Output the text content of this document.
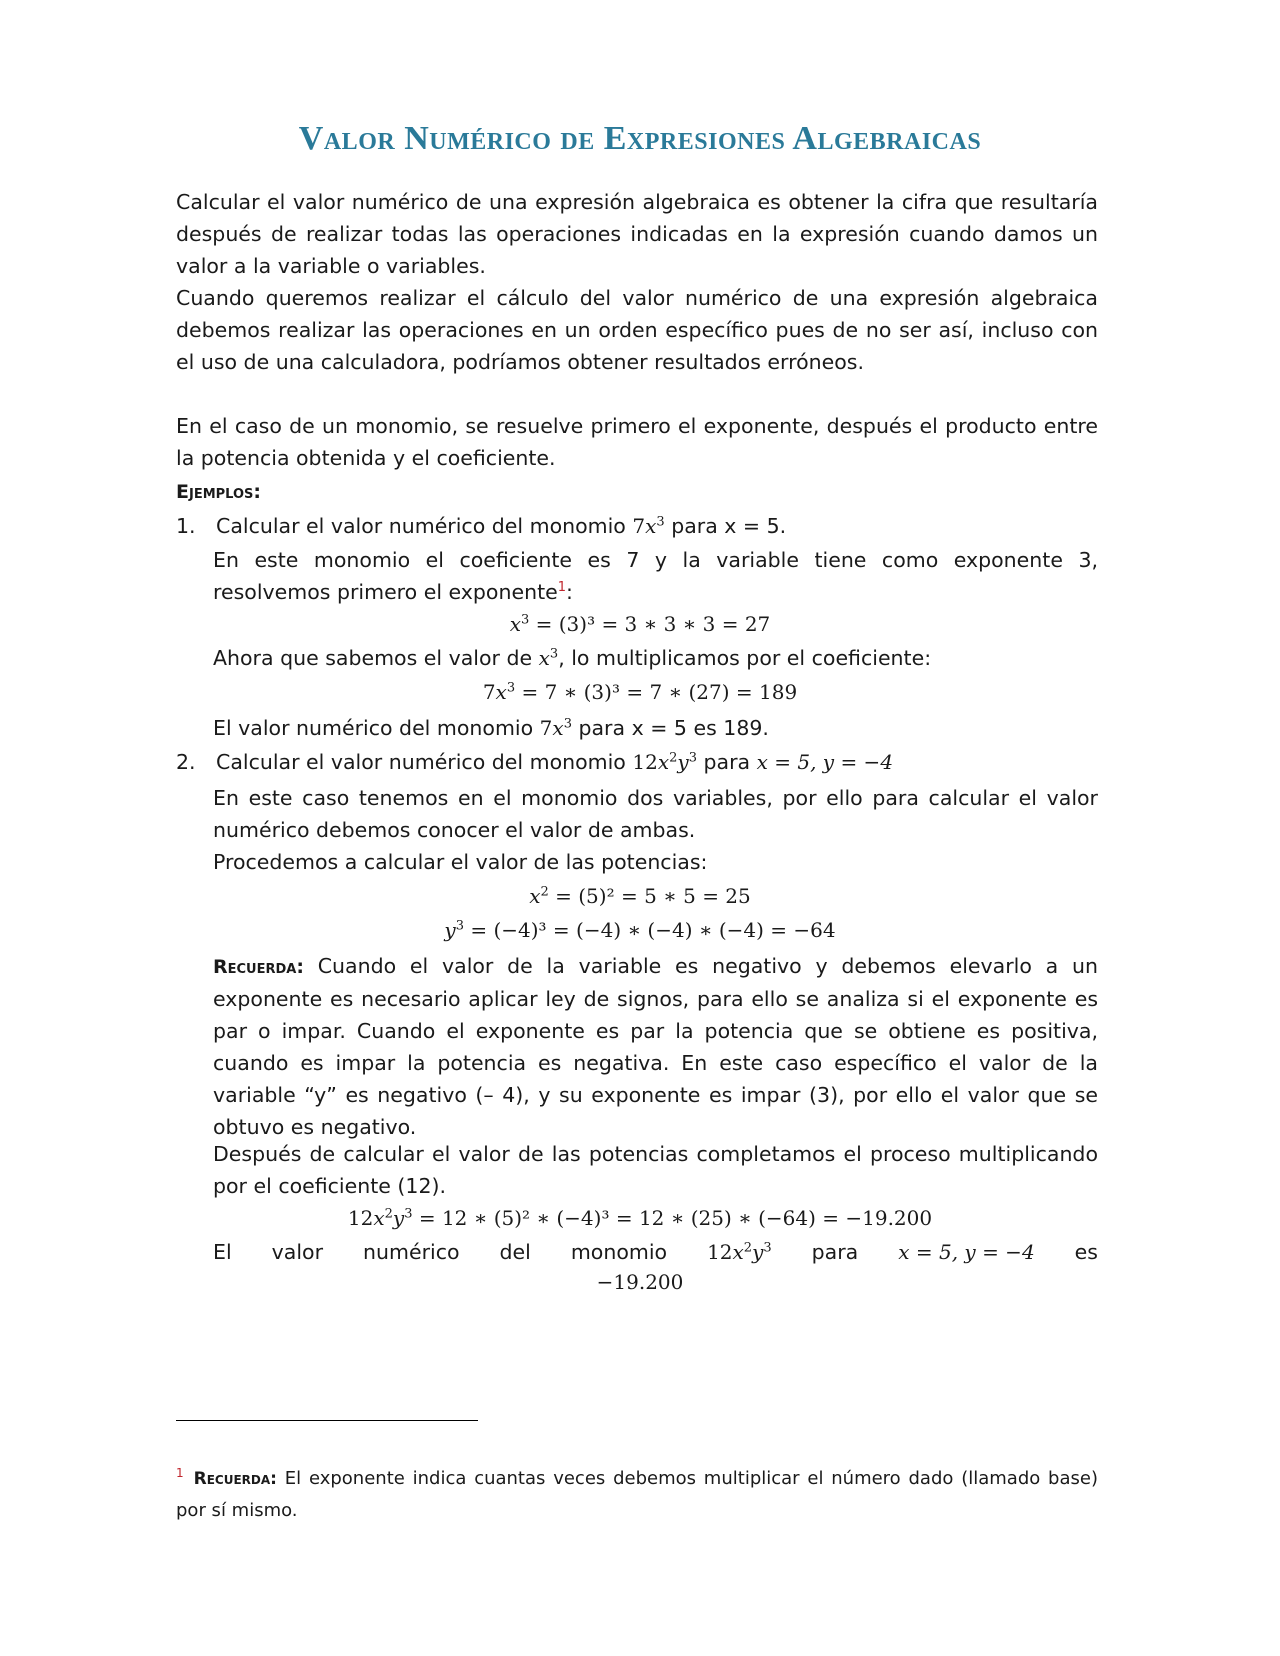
Valor Numérico de Expresiones Algebraicas

Calcular el valor numérico de una expresión algebraica es obtener la cifra que resultaría después de realizar todas las operaciones indicadas en la expresión cuando damos un valor a la variable o variables.

Cuando queremos realizar el cálculo del valor numérico de una expresión algebraica debemos realizar las operaciones en un orden específico pues de no ser así, incluso con el uso de una calculadora, podríamos obtener resultados erróneos.

En el caso de un monomio, se resuelve primero el exponente, después el producto entre la potencia obtenida y el coeficiente.

Ejemplos:
1. Calcular el valor numérico del monomio $7x^3$ para x = 5.

En este monomio el coeficiente es 7 y la variable tiene como exponente 3, resolvemos primero el exponente$^1$:

$x^3 = (3)^3 = 3$ ∗ 3 ∗ 3 = 27
Ahora que sabemos el valor de $x^3$, lo multiplicamos por el coeficiente:
$7x^3 = 7$ ∗ (3)³ = 7 ∗ (27) = 189
El valor numérico del monomio $7x^3$ para x = 5 es 189.
2. Calcular el valor numérico del monomio $12x^2y^3$ para x = 5, y = −4

En este caso tenemos en el monomio dos variables, por ello para calcular el valor numérico debemos conocer el valor de ambas.

Procedemos a calcular el valor de las potencias:
$x^2 = (5)^2 = 5$ ∗ 5 = 25
$y^3 = (-4)^3 = (-4)$ ∗ (−4) ∗ (−4) = −64

Recuerda: Cuando el valor de la variable es negativo y debemos elevarlo a un exponente es necesario aplicar ley de signos, para ello se analiza si el exponente es par o impar. Cuando el exponente es par la potencia que se obtiene es positiva, cuando es impar la potencia es negativa. En este caso específico el valor de la variable “y” es negativo (– 4), y su exponente es impar (3), por ello el valor que se obtuvo es negativo.

Después de calcular el valor de las potencias completamos el proceso multiplicando por el coeficiente (12).

$12x^2y^3 = 12$ ∗ (5)² ∗ (−4)³ = 12 ∗ (25) ∗ (−64) = −19.200
El valor numérico del monomio $12x^2y^3$ para x = 5, y = −4 es
−19.200

$^1$ Recuerda: El exponente indica cuantas veces debemos multiplicar el número dado (llamado base) por sí mismo.
